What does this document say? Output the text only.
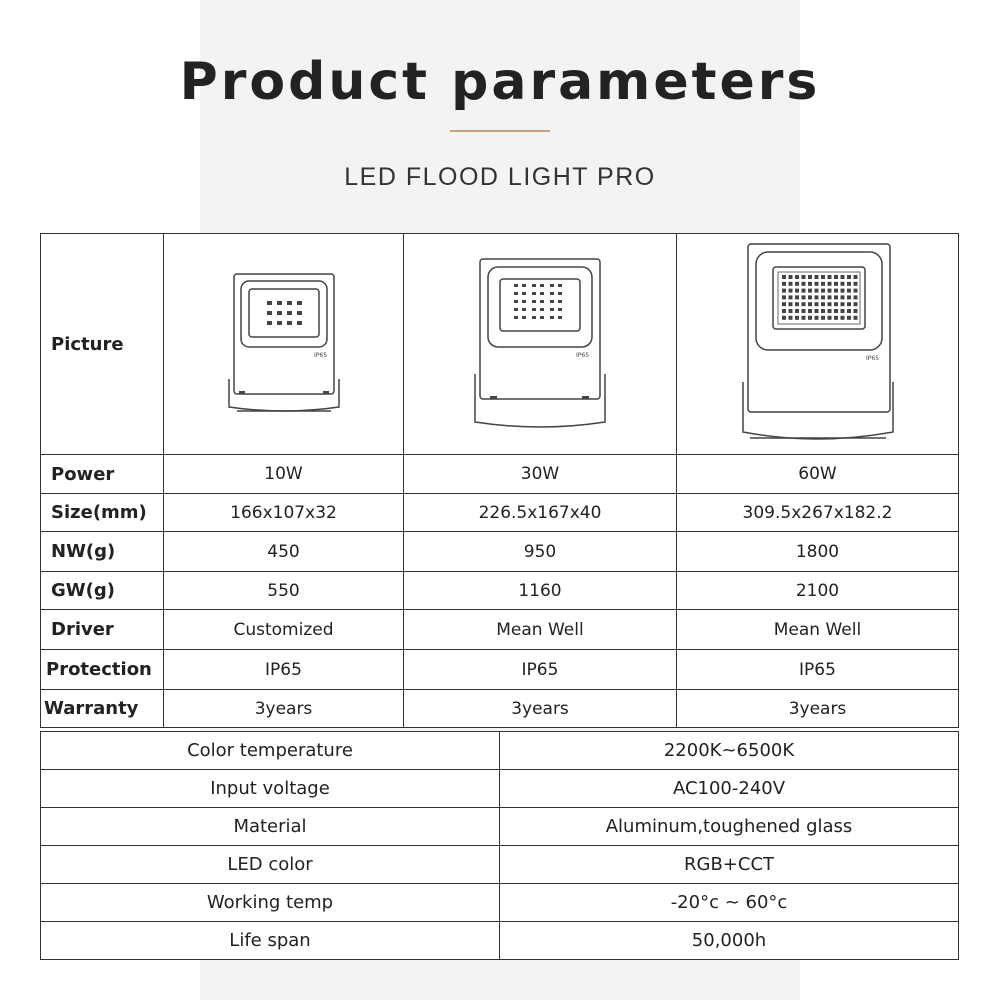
Product parameters
LED FLOOD LIGHT PRO
Picture	IP65	IP65	IP65

Power	10W	30W	60W
Size(mm)	166x107x32	226.5x167x40	309.5x267x182.2
NW(g)	450	950	1800
GW(g)	550	1160	2100
Driver	Customized	Mean Well	Mean Well
Protection	IP65	IP65	IP65
Warranty	3years	3years	3years
Color temperature	2200K~6500K
Input voltage	AC100-240V
Material	Aluminum,toughened glass
LED color	RGB+CCT
Working temp	-20°c ~ 60°c
Life span	50,000h
